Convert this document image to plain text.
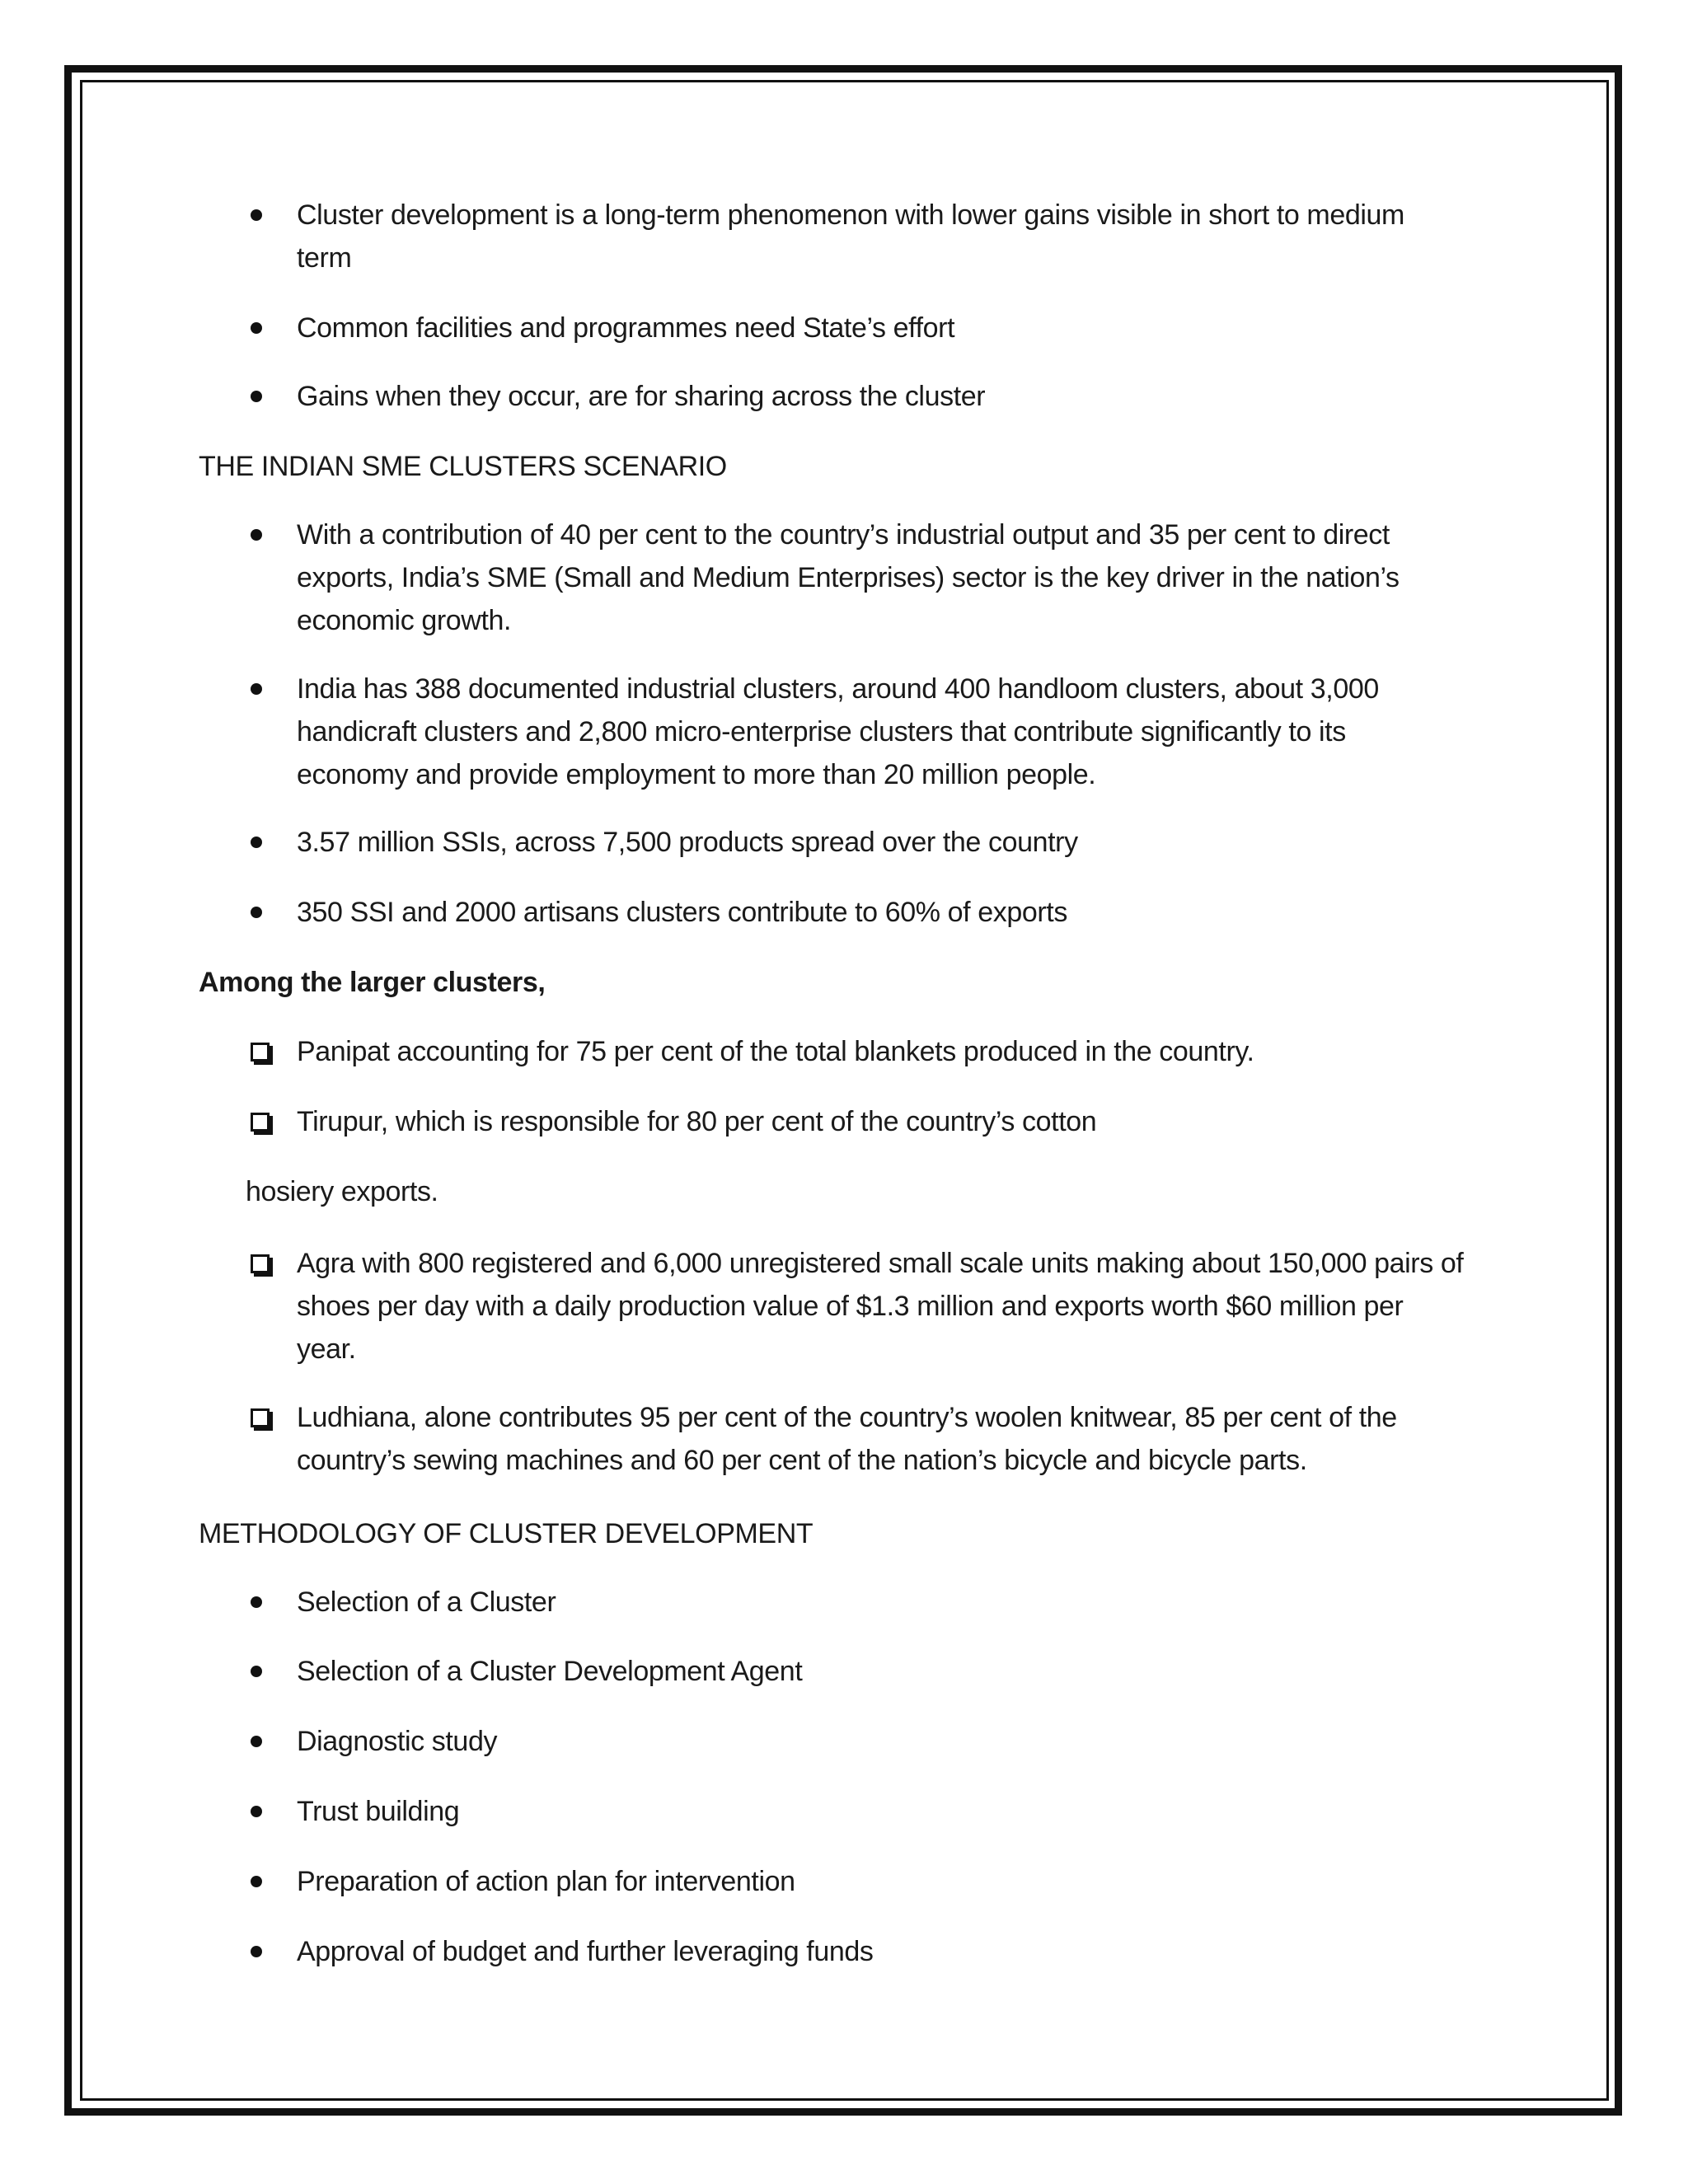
Cluster development is a long-term phenomenon with lower gains visible in short to medium
term
Common facilities and programmes need State’s effort
Gains when they occur, are for sharing across the cluster
THE INDIAN SME CLUSTERS SCENARIO
With a contribution of 40 per cent to the country’s industrial output and 35 per cent to direct
exports, India’s SME (Small and Medium Enterprises) sector is the key driver in the nation’s
economic growth.
India has 388 documented industrial clusters, around 400 handloom clusters, about 3,000
handicraft clusters and 2,800 micro-enterprise clusters that contribute significantly to its
economy and provide employment to more than 20 million people.
3.57 million SSIs, across 7,500 products spread over the country
350 SSI and 2000 artisans clusters contribute to 60% of exports
Among the larger clusters,
Panipat accounting for 75 per cent of the total blankets produced in the country.
Tirupur, which is responsible for 80 per cent of the country’s cotton
hosiery exports.
Agra with 800 registered and 6,000 unregistered small scale units making about 150,000 pairs of
shoes per day with a daily production value of $1.3 million and exports worth $60 million per
year.
Ludhiana, alone contributes 95 per cent of the country’s woolen knitwear, 85 per cent of the
country’s sewing machines and 60 per cent of the nation’s bicycle and bicycle parts.
METHODOLOGY OF CLUSTER DEVELOPMENT
Selection of a Cluster
Selection of a Cluster Development Agent
Diagnostic study
Trust building
Preparation of action plan for intervention
Approval of budget and further leveraging funds
